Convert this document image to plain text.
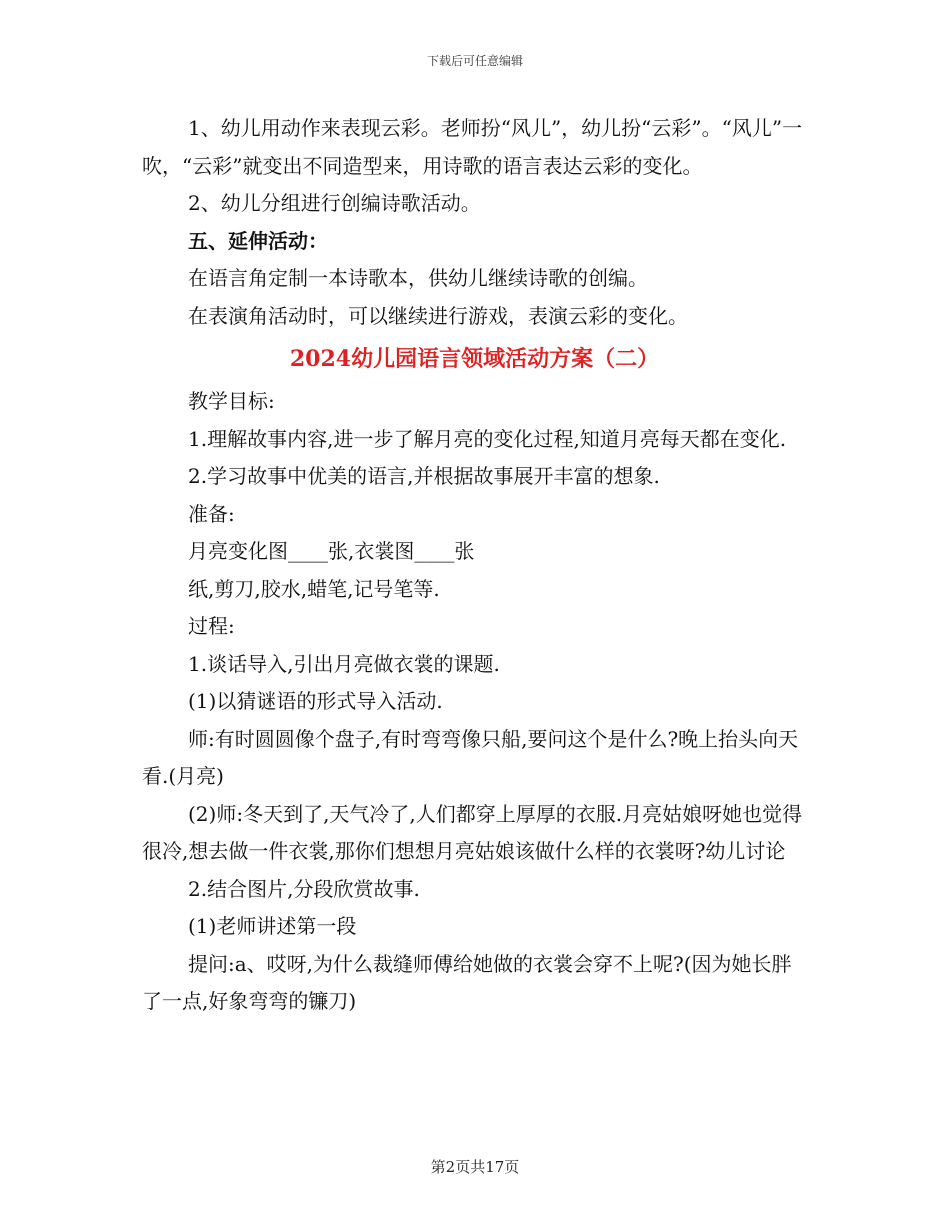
下载后可任意编辑

1、幼儿用动作来表现云彩。老师扮“风儿”，幼儿扮“云彩”。“风儿”一吹，“云彩”就变出不同造型来，用诗歌的语言表达云彩的变化。

2、幼儿分组进行创编诗歌活动。

五、延伸活动：

在语言角定制一本诗歌本，供幼儿继续诗歌的创编。

在表演角活动时，可以继续进行游戏，表演云彩的变化。

2024幼儿园语言领域活动方案（二）

教学目标:

1.理解故事内容,进一步了解月亮的变化过程,知道月亮每天都在变化.

2.学习故事中优美的语言,并根据故事展开丰富的想象.

准备:

月亮变化图____张,衣裳图____张

纸,剪刀,胶水,蜡笔,记号笔等.

过程:

1.谈话导入,引出月亮做衣裳的课题.

(1)以猜谜语的形式导入活动.

师:有时圆圆像个盘子,有时弯弯像只船,要问这个是什么?晚上抬头向天看.(月亮)

(2)师:冬天到了,天气冷了,人们都穿上厚厚的衣服.月亮姑娘呀她也觉得很冷,想去做一件衣裳,那你们想想月亮姑娘该做什么样的衣裳呀?幼儿讨论

2.结合图片,分段欣赏故事.

(1)老师讲述第一段

提问:a、哎呀,为什么裁缝师傅给她做的衣裳会穿不上呢?(因为她长胖了一点,好象弯弯的镰刀)

第2页共17页
